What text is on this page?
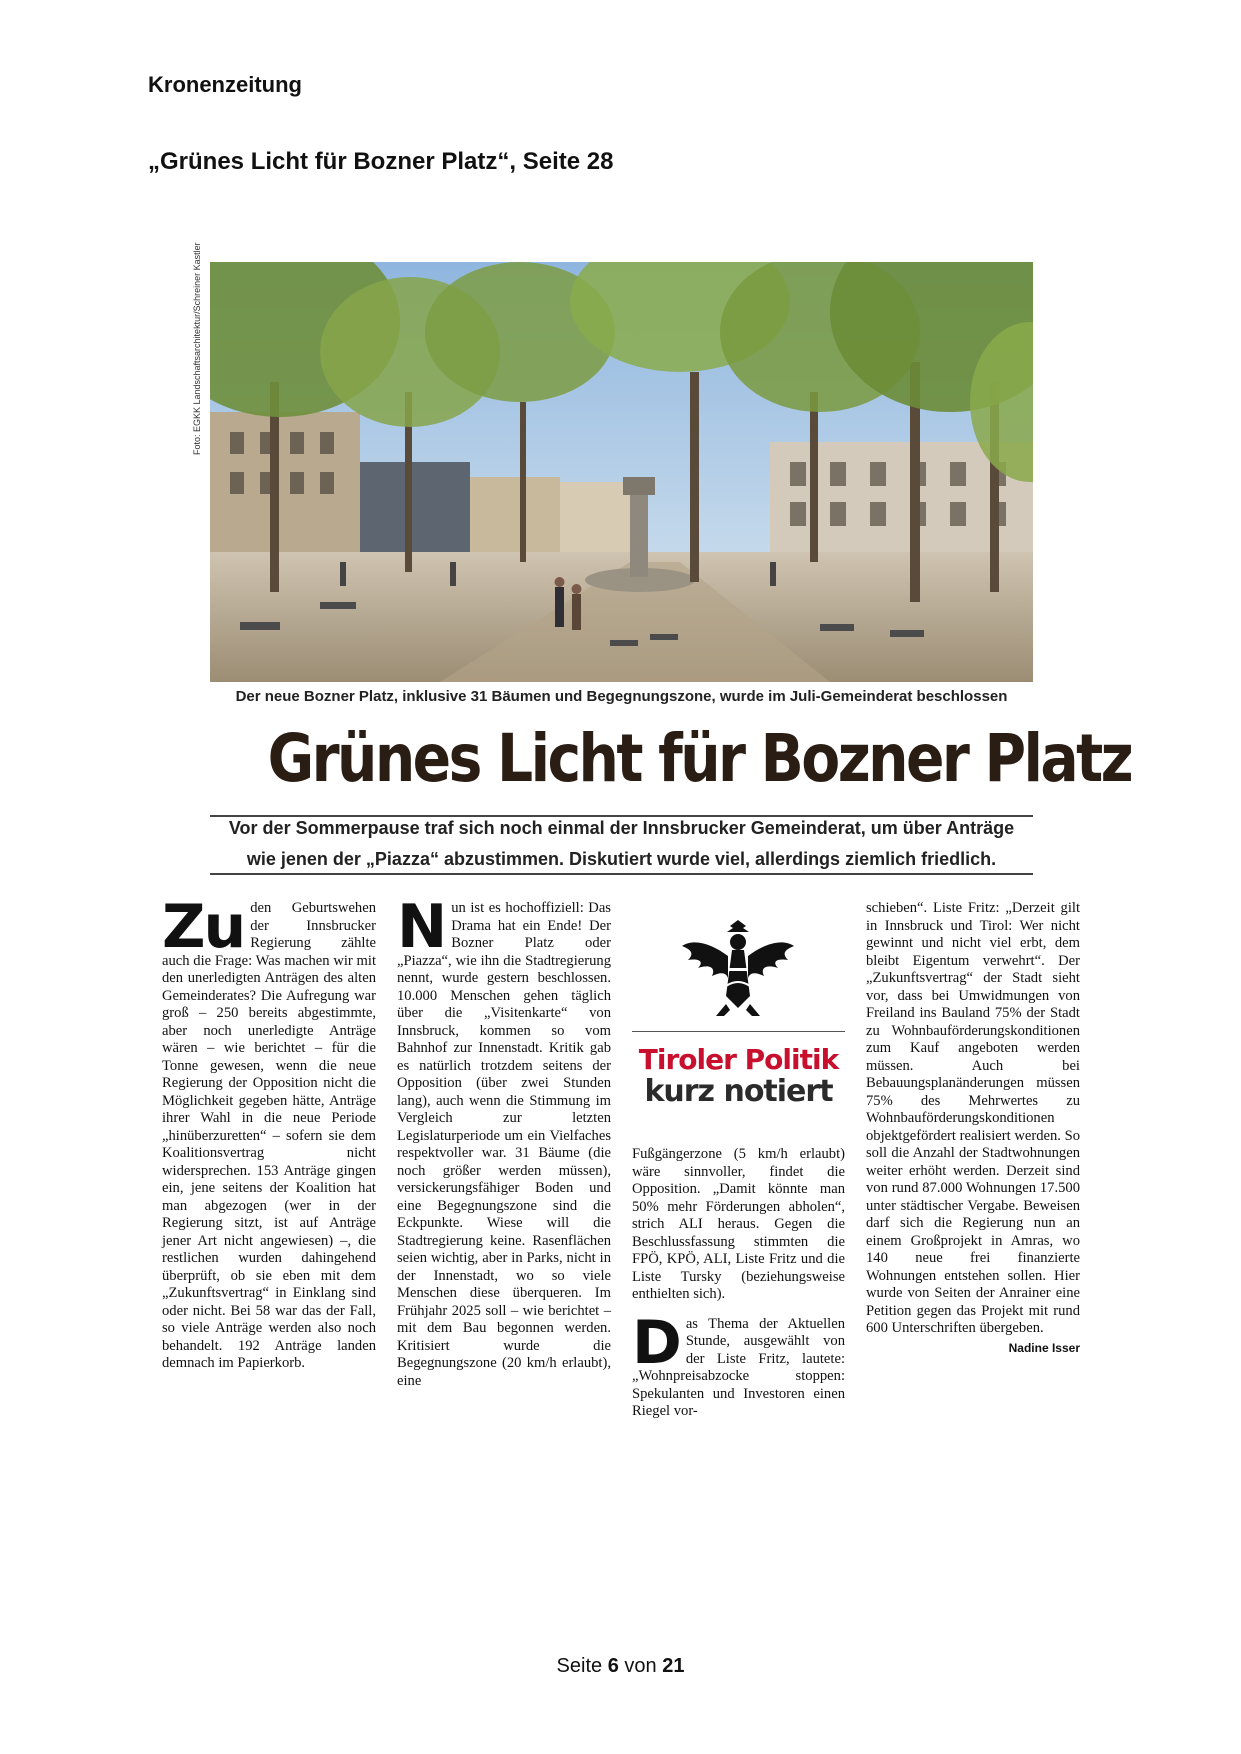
Kronenzeitung
„Grünes Licht für Bozner Platz“, Seite 28
Foto: EGKK Landschaftsarchitektur/Schreiner Kastler
Der neue Bozner Platz, inklusive 31 Bäumen und Begegnungszone, wurde im Juli-Gemeinderat beschlossen
Grünes Licht für Bozner Platz
Vor der Sommerpause traf sich noch einmal der Innsbrucker Gemeinderat, um über Anträge
wie jenen der „Piazza“ abzustimmen. Diskutiert wurde viel, allerdings ziemlich friedlich.
Zu den Geburtswehen der Innsbrucker Regierung zählte auch die Frage: Was machen wir mit den unerledigten Anträgen des alten Gemeinderates? Die Aufregung war groß – 250 bereits abgestimmte, aber noch unerledigte Anträge wären – wie berichtet – für die Tonne gewesen, wenn die neue Regierung der Opposition nicht die Möglichkeit gegeben hätte, Anträge ihrer Wahl in die neue Periode „hinüberzuretten“ – sofern sie dem Koalitionsvertrag nicht widersprechen. 153 Anträge gingen ein, jene seitens der Koalition hat man abgezogen (wer in der Regierung sitzt, ist auf Anträge jener Art nicht angewiesen) –, die restlichen wurden dahingehend überprüft, ob sie eben mit dem „Zukunftsvertrag“ in Einklang sind oder nicht. Bei 58 war das der Fall, so viele Anträge werden also noch behandelt. 192 Anträge landen demnach im Papierkorb.
N un ist es hochoffiziell: Das Drama hat ein Ende! Der Bozner Platz oder „Piazza“, wie ihn die Stadtregierung nennt, wurde gestern beschlossen. 10.000 Menschen gehen täglich über die „Visitenkarte“ von Innsbruck, kommen so vom Bahnhof zur Innenstadt. Kritik gab es natürlich trotzdem seitens der Opposition (über zwei Stunden lang), auch wenn die Stimmung im Vergleich zur letzten Legislaturperiode um ein Vielfaches respektvoller war. 31 Bäume (die noch größer werden müssen), versickerungsfähiger Boden und eine Begegnungszone sind die Eckpunkte. Wiese will die Stadtregierung keine. Rasenflächen seien wichtig, aber in Parks, nicht in der Innenstadt, wo so viele Menschen diese überqueren. Im Frühjahr 2025 soll – wie berichtet – mit dem Bau begonnen werden. Kritisiert wurde die Begegnungszone (20 km/h erlaubt), eine
Tiroler Politik
kurz notiert

Fußgängerzone (5 km/h erlaubt) wäre sinnvoller, findet die Opposition. „Damit könnte man 50% mehr Förderungen abholen“, strich ALI heraus. Gegen die Beschlussfassung stimmten die FPÖ, KPÖ, ALI, Liste Fritz und die Liste Tursky (beziehungsweise enthielten sich).

D as Thema der Aktuellen Stunde, ausgewählt von der Liste Fritz, lautete: „Wohnpreisabzocke stoppen: Spekulanten und Investoren einen Riegel vor-

schieben“. Liste Fritz: „Derzeit gilt in Innsbruck und Tirol: Wer nicht gewinnt und nicht viel erbt, dem bleibt Eigentum verwehrt“. Der „Zukunftsvertrag“ der Stadt sieht vor, dass bei Umwidmungen von Freiland ins Bauland 75% der Stadt zu Wohnbauförderungskonditionen zum Kauf angeboten werden müssen. Auch bei Bebauungsplanänderungen müssen 75% des Mehrwertes zu Wohnbauförderungskonditionen objektgefördert realisiert werden. So soll die Anzahl der Stadtwohnungen weiter erhöht werden. Derzeit sind von rund 87.000 Wohnungen 17.500 unter städtischer Vergabe. Beweisen darf sich die Regierung nun an einem Großprojekt in Amras, wo 140 neue frei finanzierte Wohnungen entstehen sollen. Hier wurde von Seiten der Anrainer eine Petition gegen das Projekt mit rund 600 Unterschriften übergeben.
Nadine Isser
Seite 6 von 21
